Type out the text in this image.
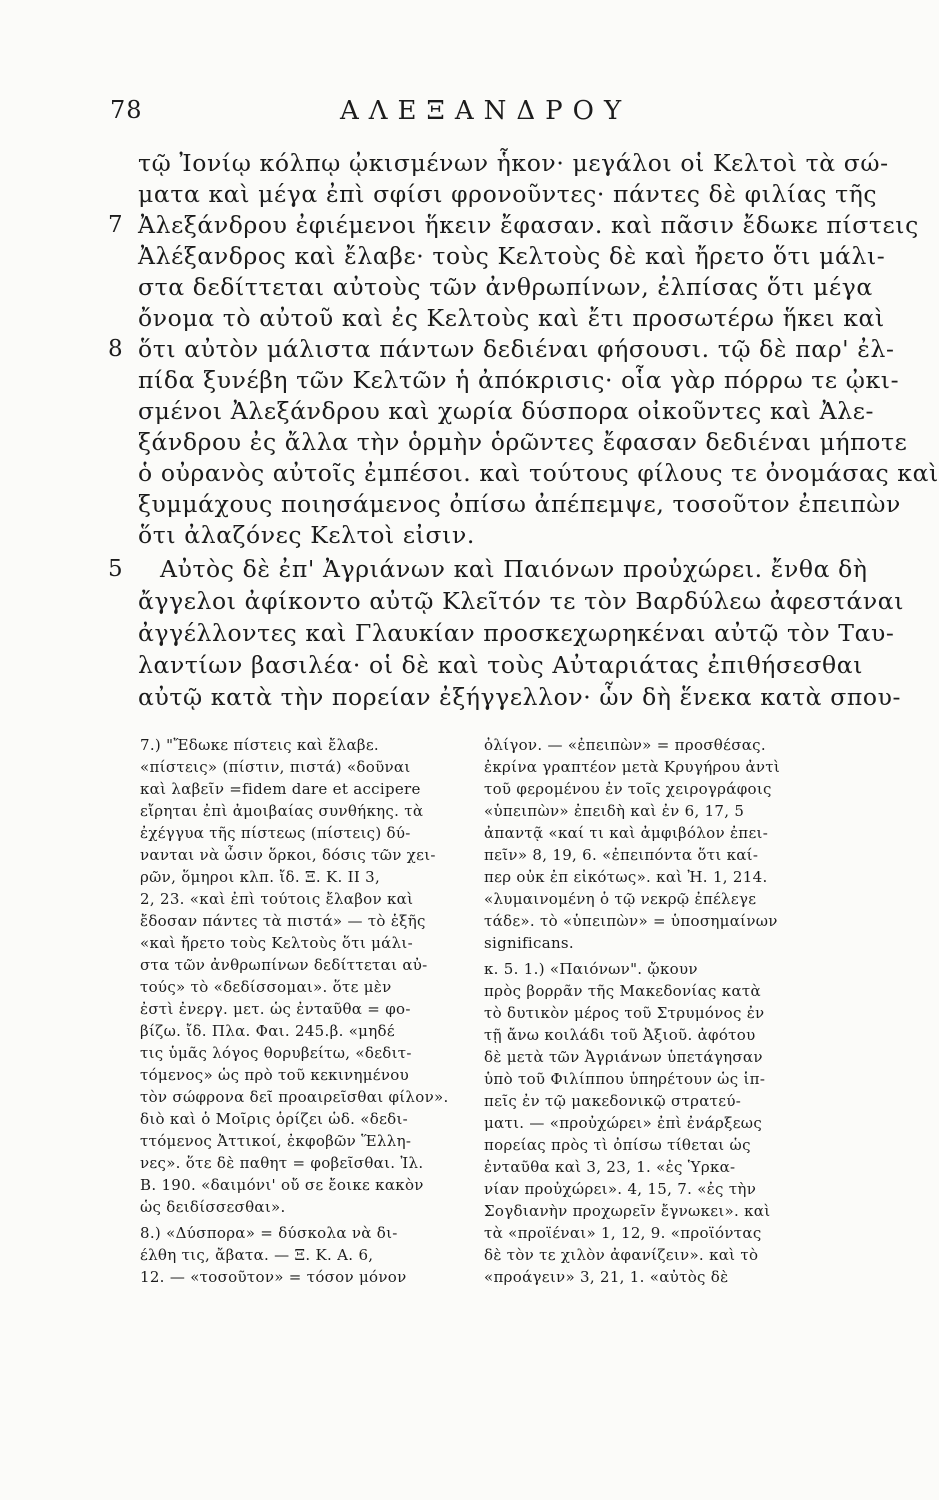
78	ΑΛΕΞΑΝΔΡΟΥ
τῷ Ἰονίῳ κόλπῳ ᾠκισμένων ἧκον· μεγάλοι οἱ Κελτοὶ τὰ σώ-
ματα καὶ μέγα ἐπὶ σφίσι φρονοῦντες· πάντες δὲ φιλίας τῆς
7 Ἀλεξάνδρου ἐφιέμενοι ἥκειν ἔφασαν. καὶ πᾶσιν ἔδωκε πίστεις
Ἀλέξανδρος καὶ ἔλαβε· τοὺς Κελτοὺς δὲ καὶ ἤρετο ὅτι μάλι-
στα δεδίττεται αὐτοὺς τῶν ἀνθρωπίνων, ἐλπίσας ὅτι μέγα
ὄνομα τὸ αὐτοῦ καὶ ἐς Κελτοὺς καὶ ἔτι προσωτέρω ἥκει καὶ
8 ὅτι αὐτὸν μάλιστα πάντων δεδιέναι φήσουσι. τῷ δὲ παρ' ἐλ-
πίδα ξυνέβη τῶν Κελτῶν ἡ ἀπόκρισις· οἷα γὰρ πόρρω τε ᾠκι-
σμένοι Ἀλεξάνδρου καὶ χωρία δύσπορα οἰκοῦντες καὶ Ἀλε-
ξάνδρου ἐς ἄλλα τὴν ὁρμὴν ὁρῶντες ἔφασαν δεδιέναι μήποτε
ὁ οὐρανὸς αὐτοῖς ἐμπέσοι. καὶ τούτους φίλους τε ὀνομάσας καὶ
ξυμμάχους ποιησάμενος ὀπίσω ἀπέπεμψε, τοσοῦτον ἐπειπὼν
ὅτι ἀλαζόνες Κελτοὶ εἰσιν.
5 Αὐτὸς δὲ ἐπ' Ἀγριάνων καὶ Παιόνων προὐχώρει. ἔνθα δὴ
ἄγγελοι ἀφίκοντο αὐτῷ Κλεῖτόν τε τὸν Βαρδύλεω ἀφεστάναι
ἀγγέλλοντες καὶ Γλαυκίαν προσκεχωρηκέναι αὐτῷ τὸν Ταυ-
λαντίων βασιλέα· οἱ δὲ καὶ τοὺς Αὐταριάτας ἐπιθήσεσθαι
αὐτῷ κατὰ τὴν πορείαν ἐξήγγελλον· ὧν δὴ ἕνεκα κατὰ σπου-
7.) "Ἔδωκε πίστεις καὶ ἔλαβε.
«πίστεις» (πίστιν, πιστά) «δοῦναι
καὶ λαβεῖν =fidem dare et accipere
εἴρηται ἐπὶ ἀμοιβαίας συνθήκης. τὰ
ἐχέγγυα τῆς πίστεως (πίστεις) δύ-
νανται νὰ ὦσιν ὅρκοι, δόσις τῶν χει-
ρῶν, ὅμηροι κλπ. ἴδ. Ξ. Κ. II 3,
2, 23. «καὶ ἐπὶ τούτοις ἔλαβον καὶ
ἔδοσαν πάντες τὰ πιστά» — τὸ ἑξῆς
«καὶ ἤρετο τοὺς Κελτοὺς ὅτι μάλι-
στα τῶν ἀνθρωπίνων δεδίττεται αὐ-
τούς» τὸ «δεδίσσομαι». ὅτε μὲν
ἐστὶ ἐνεργ. μετ. ὡς ἐνταῦθα = φο-
βίζω. ἴδ. Πλα. Φαι. 245.β. «μηδέ
τις ὑμᾶς λόγος θορυβείτω, «δεδιτ-
τόμενος» ὡς πρὸ τοῦ κεκινημένου
τὸν σώφρονα δεῖ προαιρεῖσθαι φίλον».
διὸ καὶ ὁ Μοῖρις ὁρίζει ὡδ. «δεδι-
ττόμενος Ἀττικοί, ἐκφοβῶν Ἕλλη-
νες». ὅτε δὲ παθητ = φοβεῖσθαι. Ἰλ.
Β. 190. «δαιμόνι' οὔ σε ἔοικε κακὸν
ὡς δειδίσσεσθαι».
8.) «Δύσπορα» = δύσκολα νὰ δι-
έλθη τις, ἄβατα. — Ξ. Κ. Α. 6,
12. — «τοσοῦτον» = τόσον μόνον
ὀλίγον. — «ἐπειπὼν» = προσθέσας.
ἐκρίνα γραπτέον μετὰ Κρυγήρου ἀντὶ
τοῦ φερομένου ἐν τοῖς χειρογράφοις
«ὑπειπὼν» ἐπειδὴ καὶ ἐν 6, 17, 5
ἀπαντᾷ «καί τι καὶ ἀμφιβόλον ἐπει-
πεῖν» 8, 19, 6. «ἐπειπόντα ὅτι καί-
περ οὐκ ἐπ εἰκότως». καὶ Ἠ. 1, 214.
«λυμαινομένη ὁ τῷ νεκρῷ ἐπέλεγε
τάδε». τὸ «ὑπειπὼν» = ὑποσημαίνων
significans.
κ. 5. 1.) «Παιόνων". ᾤκουν
πρὸς βορρᾶν τῆς Μακεδονίας κατὰ
τὸ δυτικὸν μέρος τοῦ Στρυμόνος ἐν
τῇ ἄνω κοιλάδι τοῦ Ἀξιοῦ. ἀφότου
δὲ μετὰ τῶν Ἀγριάνων ὑπετάγησαν
ὑπὸ τοῦ Φιλίππου ὑπηρέτουν ὡς ἱπ-
πεῖς ἐν τῷ μακεδονικῷ στρατεύ-
ματι. — «προὐχώρει» ἐπὶ ἐνάρξεως
πορείας πρὸς τὶ ὀπίσω τίθεται ὡς
ἐνταῦθα καὶ 3, 23, 1. «ἐς Ὑρκα-
νίαν προὐχώρει». 4, 15, 7. «ἐς τὴν
Σογδιανὴν προχωρεῖν ἔγνωκει». καὶ
τὰ «προϊέναι» 1, 12, 9. «προϊόντας
δὲ τὸν τε χιλὸν ἀφανίζειν». καὶ τὸ
«προάγειν» 3, 21, 1. «αὐτὸς δὲ
